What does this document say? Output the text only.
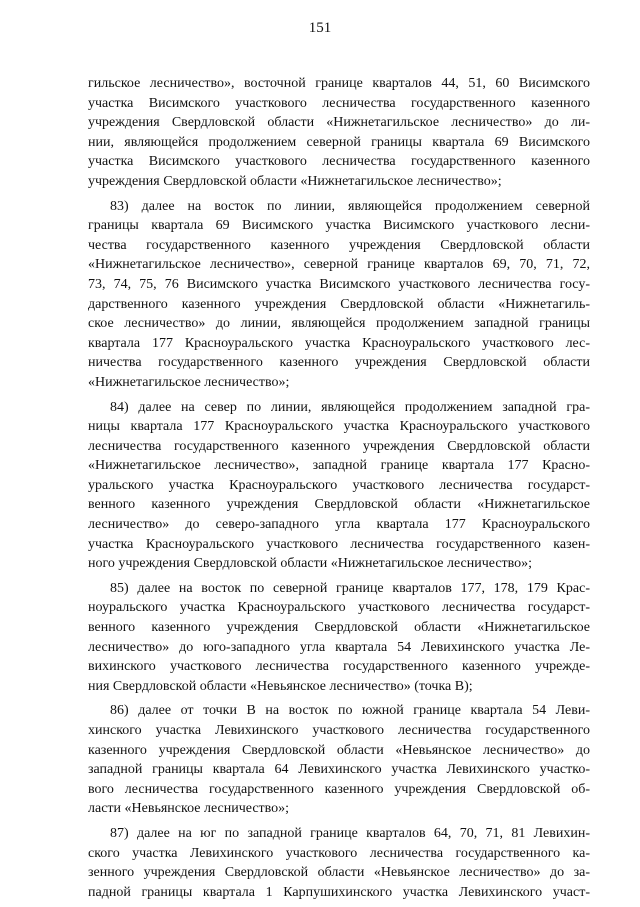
151

гильское лесничество», восточной границе кварталов 44, 51, 60 Висимского
участка Висимского участкового лесничества государственного казенного
учреждения Свердловской области «Нижнетагильское лесничество» до ли-
нии, являющейся продолжением северной границы квартала 69 Висимского
участка Висимского участкового лесничества государственного казенного
учреждения Свердловской области «Нижнетагильское лесничество»;

83) далее на восток по линии, являющейся продолжением северной
границы квартала 69 Висимского участка Висимского участкового лесни-
чества государственного казенного учреждения Свердловской области
«Нижнетагильское лесничество», северной границе кварталов 69, 70, 71, 72,
73, 74, 75, 76 Висимского участка Висимского участкового лесничества госу-
дарственного казенного учреждения Свердловской области «Нижнетагиль-
ское лесничество» до линии, являющейся продолжением западной границы
квартала 177 Красноуральского участка Красноуральского участкового лес-
ничества государственного казенного учреждения Свердловской области
«Нижнетагильское лесничество»;

84) далее на север по линии, являющейся продолжением западной гра-
ницы квартала 177 Красноуральского участка Красноуральского участкового
лесничества государственного казенного учреждения Свердловской области
«Нижнетагильское лесничество», западной границе квартала 177 Красно-
уральского участка Красноуральского участкового лесничества государст-
венного казенного учреждения Свердловской области «Нижнетагильское
лесничество» до северо-западного угла квартала 177 Красноуральского
участка Красноуральского участкового лесничества государственного казен-
ного учреждения Свердловской области «Нижнетагильское лесничество»;

85) далее на восток по северной границе кварталов 177, 178, 179 Крас-
ноуральского участка Красноуральского участкового лесничества государст-
венного казенного учреждения Свердловской области «Нижнетагильское
лесничество» до юго-западного угла квартала 54 Левихинского участка Ле-
вихинского участкового лесничества государственного казенного учрежде-
ния Свердловской области «Невьянское лесничество» (точка В);

86) далее от точки В на восток по южной границе квартала 54 Леви-
хинского участка Левихинского участкового лесничества государственного
казенного учреждения Свердловской области «Невьянское лесничество» до
западной границы квартала 64 Левихинского участка Левихинского участко-
вого лесничества государственного казенного учреждения Свердловской об-
ласти «Невьянское лесничество»;

87) далее на юг по западной границе кварталов 64, 70, 71, 81 Левихин-
ского участка Левихинского участкового лесничества государственного ка-
зенного учреждения Свердловской области «Невьянское лесничество» до за-
падной границы квартала 1 Карпушихинского участка Левихинского участ-
